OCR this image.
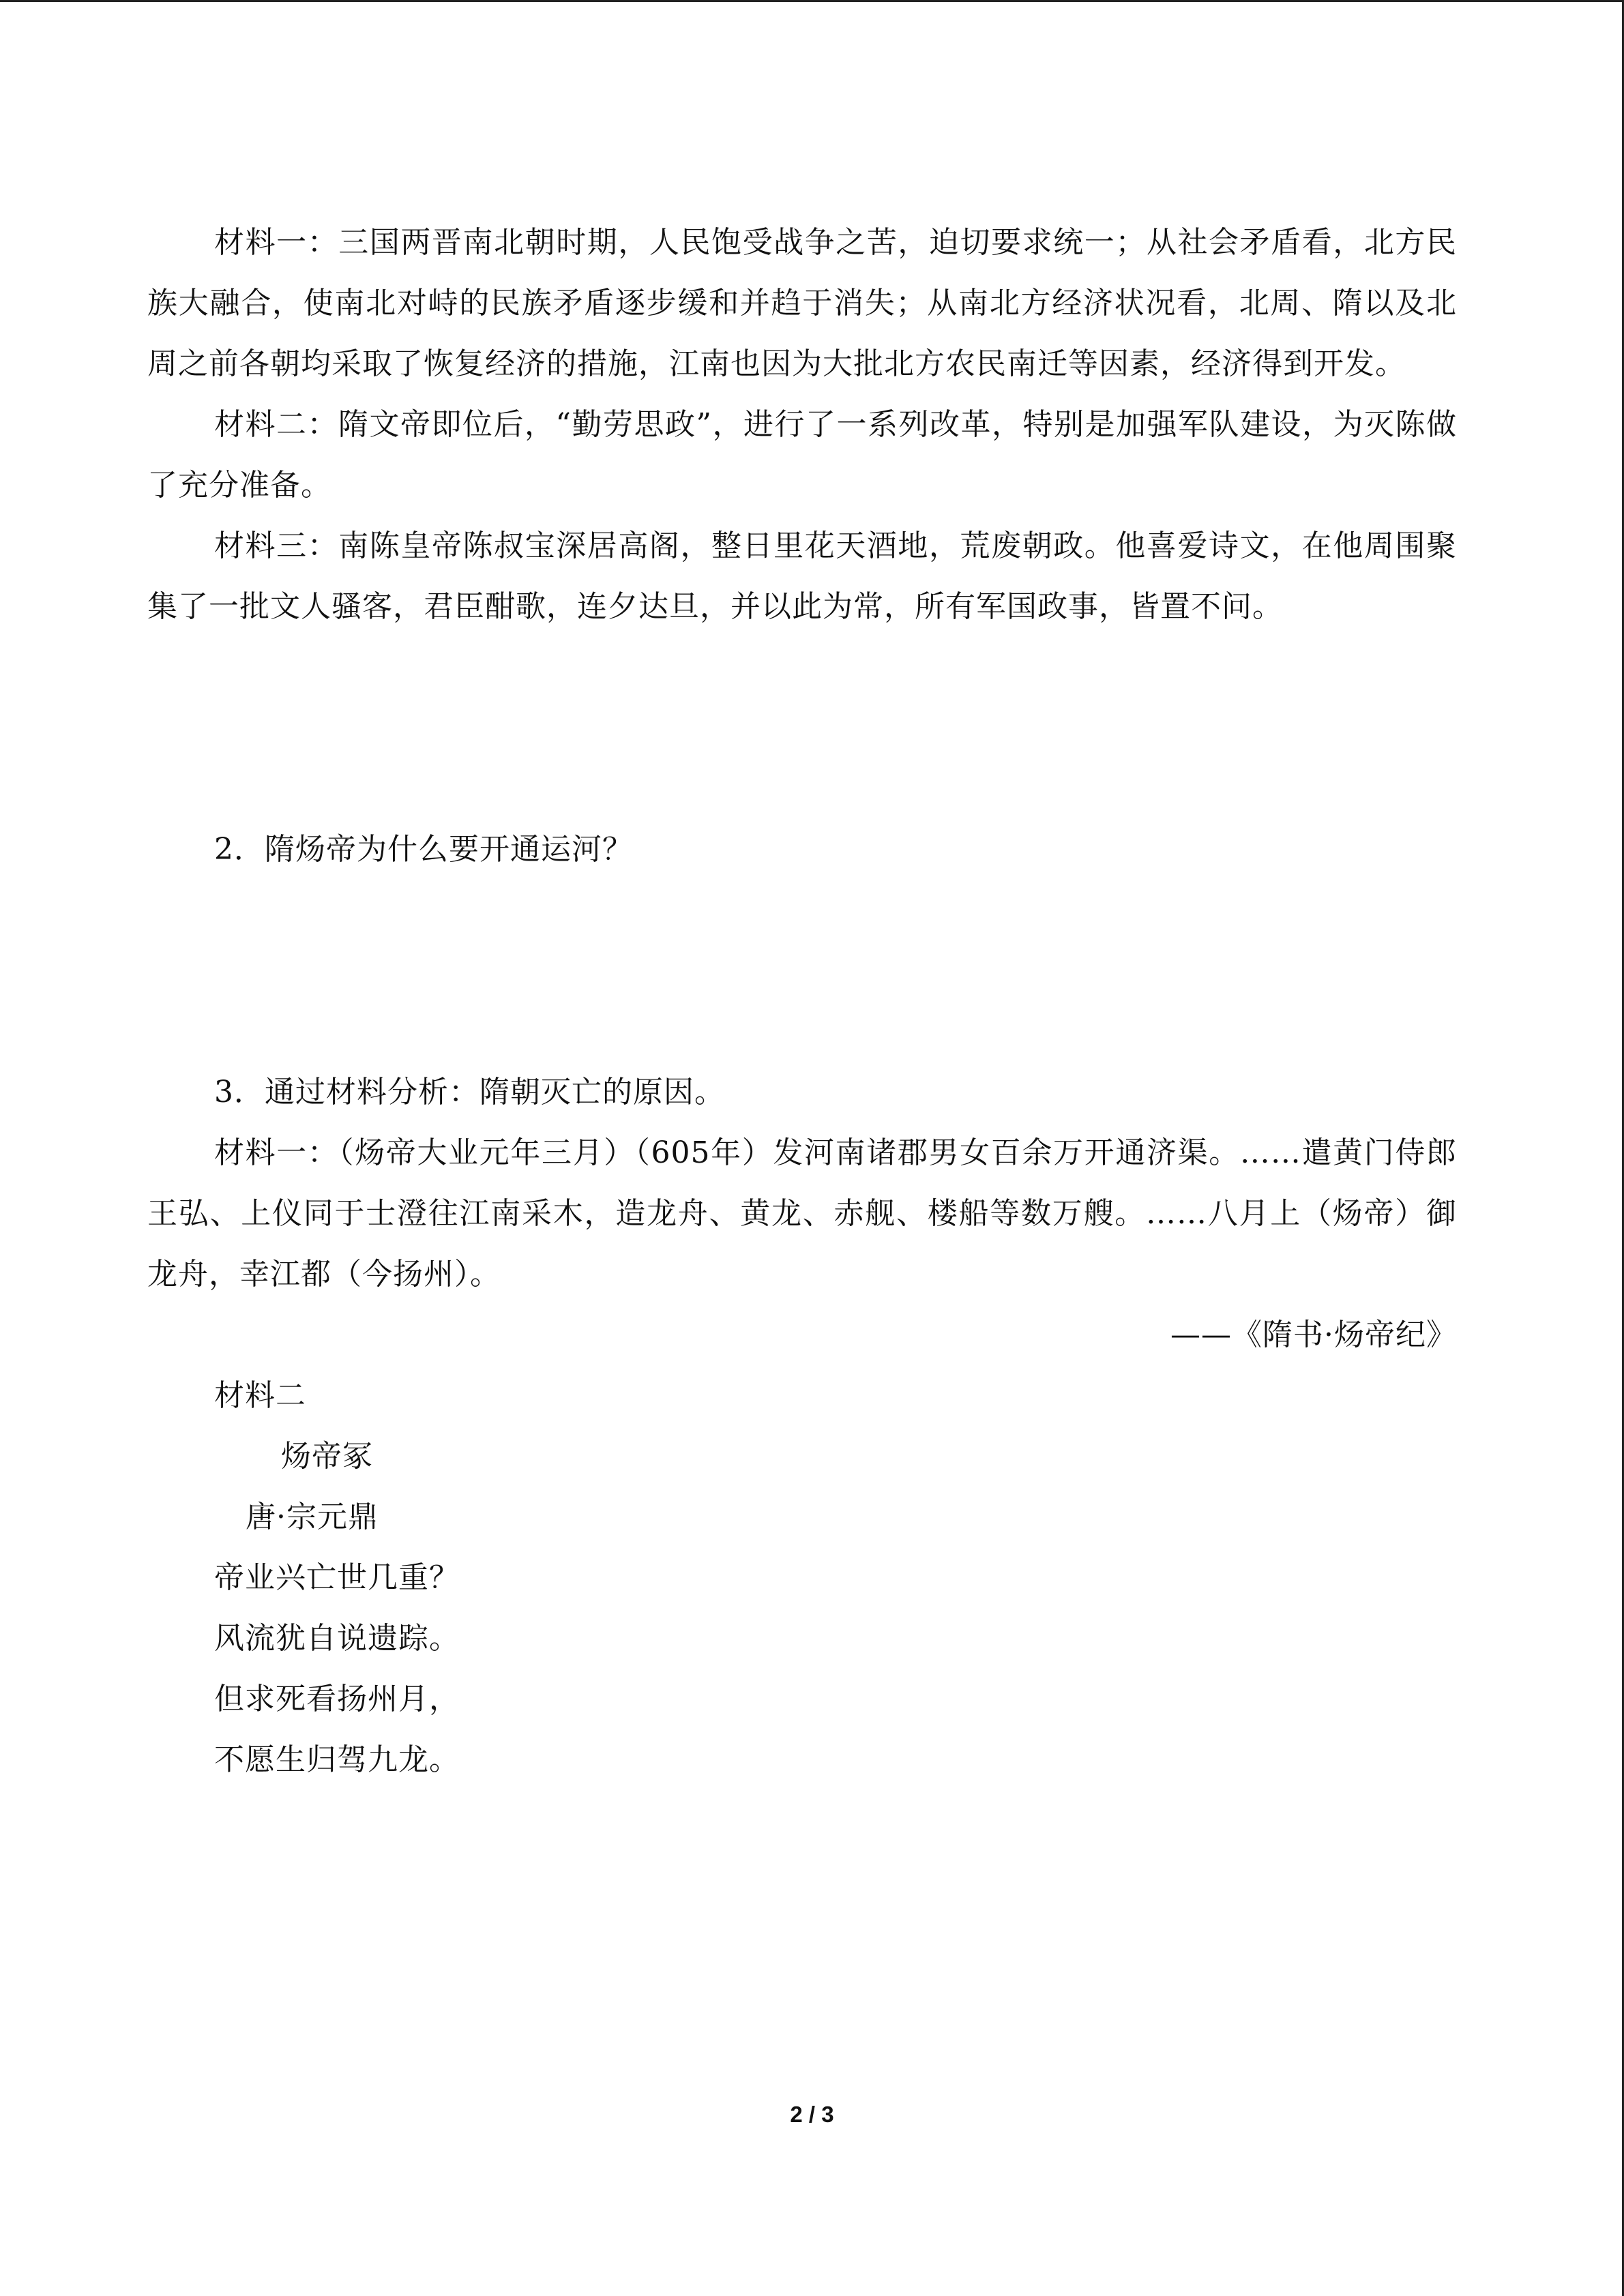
材料一：三国两晋南北朝时期，人民饱受战争之苦，迫切要求统一；从社会矛盾看，北方民族大融合，使南北对峙的民族矛盾逐步缓和并趋于消失；从南北方经济状况看，北周、隋以及北周之前各朝均采取了恢复经济的措施，江南也因为大批北方农民南迁等因素，经济得到开发。

材料二：隋文帝即位后，“勤劳思政”，进行了一系列改革，特别是加强军队建设，为灭陈做了充分准备。

材料三：南陈皇帝陈叔宝深居高阁，整日里花天酒地，荒废朝政。他喜爱诗文，在他周围聚集了一批文人骚客，君臣酣歌，连夕达旦，并以此为常，所有军国政事，皆置不问。

2．隋炀帝为什么要开通运河？

3．通过材料分析：隋朝灭亡的原因。

材料一：（炀帝大业元年三月）（605年）发河南诸郡男女百余万开通济渠。……遣黄门侍郎王弘、上仪同于士澄往江南采木，造龙舟、黄龙、赤舰、楼船等数万艘。……八月上（炀帝）御龙舟，幸江都（今扬州）。

——《隋书·炀帝纪》

材料二

炀帝冢

唐·宗元鼎

帝业兴亡世几重？

风流犹自说遗踪。

但求死看扬州月，

不愿生归驾九龙。

2 / 3
